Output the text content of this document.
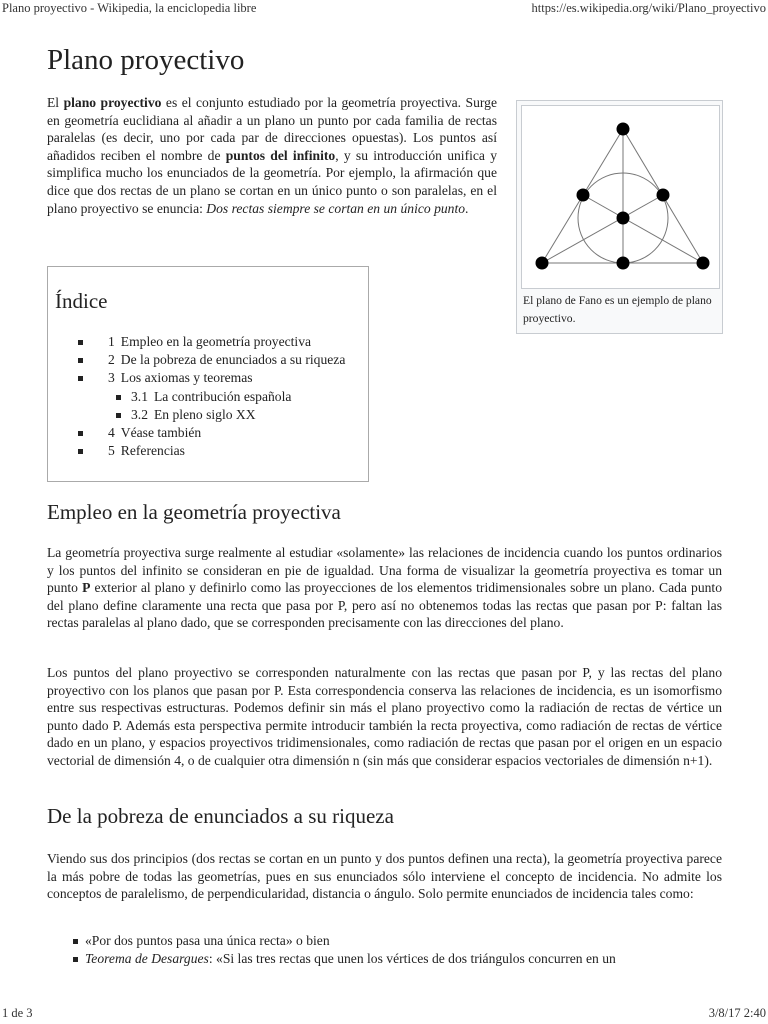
Plano proyectivo - Wikipedia, la enciclopedia libre	https://es.wikipedia.org/wiki/Plano_proyectivo
Plano proyectivo

El plano proyectivo es el conjunto estudiado por la geometría proyectiva. Surge en geometría euclidiana al añadir a un plano un punto por cada familia de rectas paralelas (es decir, uno por cada par de direcciones opuestas). Los puntos así añadidos reciben el nombre de puntos del infinito, y su introducción unifica y simplifica mucho los enunciados de la geometría. Por ejemplo, la afirmación que dice que dos rectas de un plano se cortan en un único punto o son paralelas, en el plano proyectivo se enuncia: Dos rectas siempre se cortan en un único punto.

El plano de Fano es un ejemplo de plano proyectivo.
Índice
1 Empleo en la geometría proyectiva
2 De la pobreza de enunciados a su riqueza
3 Los axiomas y teoremas
3.1 La contribución española
3.2 En pleno siglo XX
4 Véase también
5 Referencias
Empleo en la geometría proyectiva

La geometría proyectiva surge realmente al estudiar «solamente» las relaciones de incidencia cuando los puntos ordinarios y los puntos del infinito se consideran en pie de igualdad. Una forma de visualizar la geometría proyectiva es tomar un punto P exterior al plano y definirlo como las proyecciones de los elementos tridimensionales sobre un plano. Cada punto del plano define claramente una recta que pasa por P, pero así no obtenemos todas las rectas que pasan por P: faltan las rectas paralelas al plano dado, que se corresponden precisamente con las direcciones del plano.

Los puntos del plano proyectivo se corresponden naturalmente con las rectas que pasan por P, y las rectas del plano proyectivo con los planos que pasan por P. Esta correspondencia conserva las relaciones de incidencia, es un isomorfismo entre sus respectivas estructuras. Podemos definir sin más el plano proyectivo como la radiación de rectas de vértice un punto dado P. Además esta perspectiva permite introducir también la recta proyectiva, como radiación de rectas de vértice dado en un plano, y espacios proyectivos tridimensionales, como radiación de rectas que pasan por el origen en un espacio vectorial de dimensión 4, o de cualquier otra dimensión n (sin más que considerar espacios vectoriales de dimensión n+1).

De la pobreza de enunciados a su riqueza

Viendo sus dos principios (dos rectas se cortan en un punto y dos puntos definen una recta), la geometría proyectiva parece la más pobre de todas las geometrías, pues en sus enunciados sólo interviene el concepto de incidencia. No admite los conceptos de paralelismo, de perpendicularidad, distancia o ángulo. Solo permite enunciados de incidencia tales como:

«Por dos puntos pasa una única recta» o bien
Teorema de Desargues: «Si las tres rectas que unen los vértices de dos triángulos concurren en un
1 de 3	3/8/17 2:40
